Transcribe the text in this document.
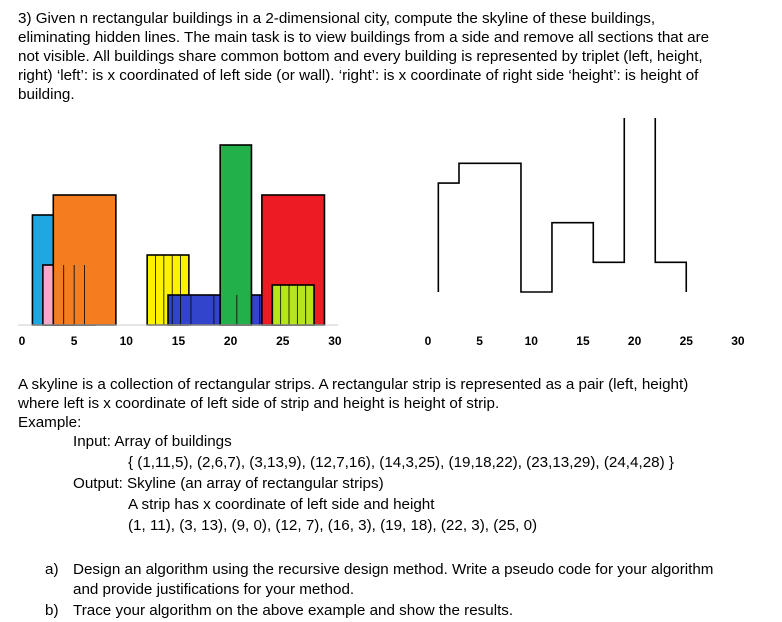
3) Given n rectangular buildings in a 2-dimensional city, compute the skyline of these buildings,
eliminating hidden lines. The main task is to view buildings from a side and remove all sections that are
not visible. All buildings share common bottom and every building is represented by triplet (left, height,
right) ‘left’: is x coordinated of left side (or wall). ‘right’: is x coordinate of right side ‘height’: is height of
building.
0	5	10	15	20	25	30	0	5	10	15	20	25	30
A skyline is a collection of rectangular strips. A rectangular strip is represented as a pair (left, height)
where left is x coordinate of left side of strip and height is height of strip.
Example:
Input: Array of buildings
{ (1,11,5), (2,6,7), (3,13,9), (12,7,16), (14,3,25), (19,18,22), (23,13,29), (24,4,28) }
Output: Skyline (an array of rectangular strips)
A strip has x coordinate of left side and height
(1, 11), (3, 13), (9, 0), (12, 7), (16, 3), (19, 18), (22, 3), (25, 0)
a) Design an algorithm using the recursive design method. Write a pseudo code for your algorithm
and provide justifications for your method.
b) Trace your algorithm on the above example and show the results.
